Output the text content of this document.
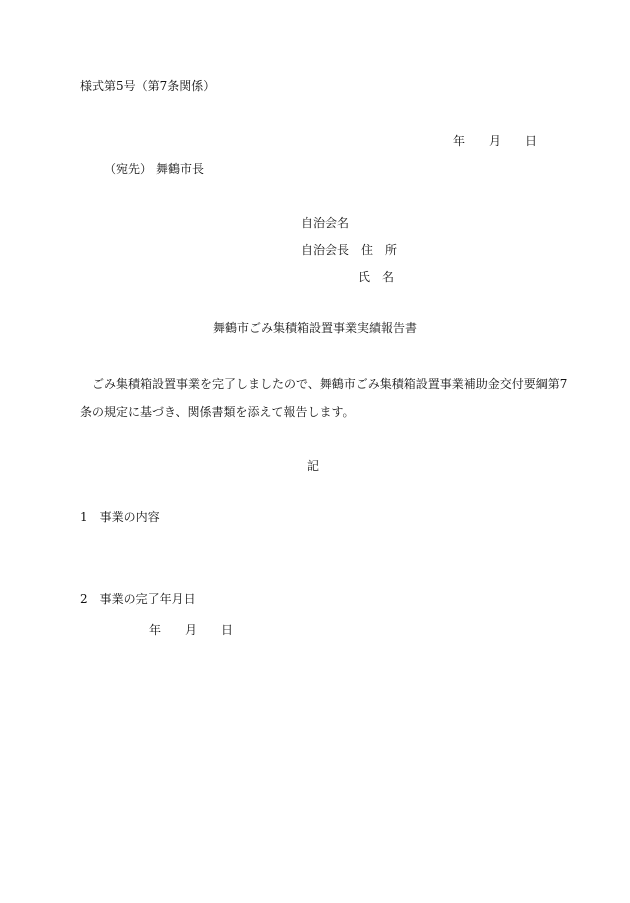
様式第5号（第7条関係）
年 月 日
（宛先） 舞鶴市長
自治会名
自治会長 住　所
氏　名
舞鶴市ごみ集積箱設置事業実績報告書
ごみ集積箱設置事業を完了しましたので、舞鶴市ごみ集積箱設置事業補助金交付要綱第7
条の規定に基づき、関係書類を添えて報告します。
記
1 事業の内容
2 事業の完了年月日
年 月 日
